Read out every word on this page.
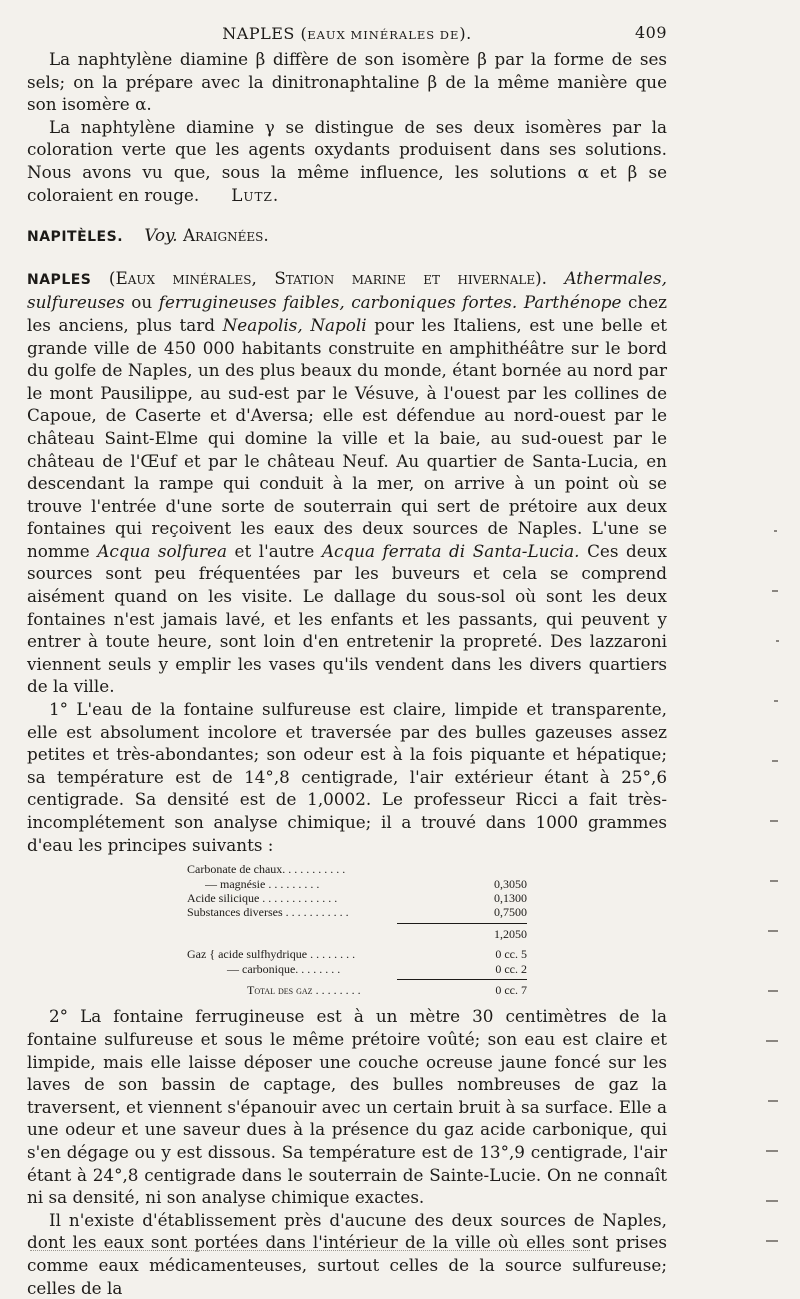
NAPLES (EAUX MINÉRALES DE).	409

La naphtylène diamine β diffère de son isomère β par la forme de ses sels; on la prépare avec la dinitronaphtaline β de la même manière que son isomère α.

La naphtylène diamine γ se distingue de ses deux isomères par la coloration verte que les agents oxydants produisent dans ses solutions. Nous avons vu que, sous la même influence, les solutions α et β se coloraient en rouge. Lutz.

NAPITÈLES. Voy. Araignées.

NAPLES (Eaux minérales, Station marine et hivernale). Athermales, sulfureuses ou ferrugineuses faibles, carboniques fortes. Parthénope chez les anciens, plus tard Neapolis, Napoli pour les Italiens, est une belle et grande ville de 450 000 habitants construite en amphithéâtre sur le bord du golfe de Naples, un des plus beaux du monde, étant bornée au nord par le mont Pausilippe, au sud-est par le Vésuve, à l'ouest par les collines de Capoue, de Caserte et d'Aversa; elle est défendue au nord-ouest par le château Saint-Elme qui domine la ville et la baie, au sud-ouest par le château de l'Œuf et par le château Neuf. Au quartier de Santa-Lucia, en descendant la rampe qui conduit à la mer, on arrive à un point où se trouve l'entrée d'une sorte de souterrain qui sert de prétoire aux deux fontaines qui reçoivent les eaux des deux sources de Naples. L'une se nomme Acqua solfurea et l'autre Acqua ferrata di Santa-Lucia. Ces deux sources sont peu fréquentées par les buveurs et cela se comprend aisément quand on les visite. Le dallage du sous-sol où sont les deux fontaines n'est jamais lavé, et les enfants et les passants, qui peuvent y entrer à toute heure, sont loin d'en entretenir la propreté. Des lazzaroni viennent seuls y emplir les vases qu'ils vendent dans les divers quartiers de la ville.

1° L'eau de la fontaine sulfureuse est claire, limpide et transparente, elle est absolument incolore et traversée par des bulles gazeuses assez petites et très-abondantes; son odeur est à la fois piquante et hépatique; sa température est de 14°,8 centigrade, l'air extérieur étant à 25°,6 centigrade. Sa densité est de 1,0002. Le professeur Ricci a fait très-incomplétement son analyse chimique; il a trouvé dans 1000 grammes d'eau les principes suivants :

Carbonate de chaux. . . . . . . . . . .
— magnésie . . . . . . . . .	0,3050
Acide silicique . . . . . . . . . . . . .	0,1300
Substances diverses . . . . . . . . . . .	0,7500
1,2050
Gaz { acide sulfhydrique . . . . . . . .	0 cc. 5
— carbonique. . . . . . . .	0 cc. 2
Total des gaz . . . . . . . .	0 cc. 7

2° La fontaine ferrugineuse est à un mètre 30 centimètres de la fontaine sulfureuse et sous le même prétoire voûté; son eau est claire et limpide, mais elle laisse déposer une couche ocreuse jaune foncé sur les laves de son bassin de captage, des bulles nombreuses de gaz la traversent, et viennent s'épanouir avec un certain bruit à sa surface. Elle a une odeur et une saveur dues à la présence du gaz acide carbonique, qui s'en dégage ou y est dissous. Sa température est de 13°,9 centigrade, l'air étant à 24°,8 centigrade dans le souterrain de Sainte-Lucie. On ne connaît ni sa densité, ni son analyse chimique exactes.

Il n'existe d'établissement près d'aucune des deux sources de Naples, dont les eaux sont portées dans l'intérieur de la ville où elles sont prises comme eaux médicamenteuses, surtout celles de la source sulfureuse; celles de la
